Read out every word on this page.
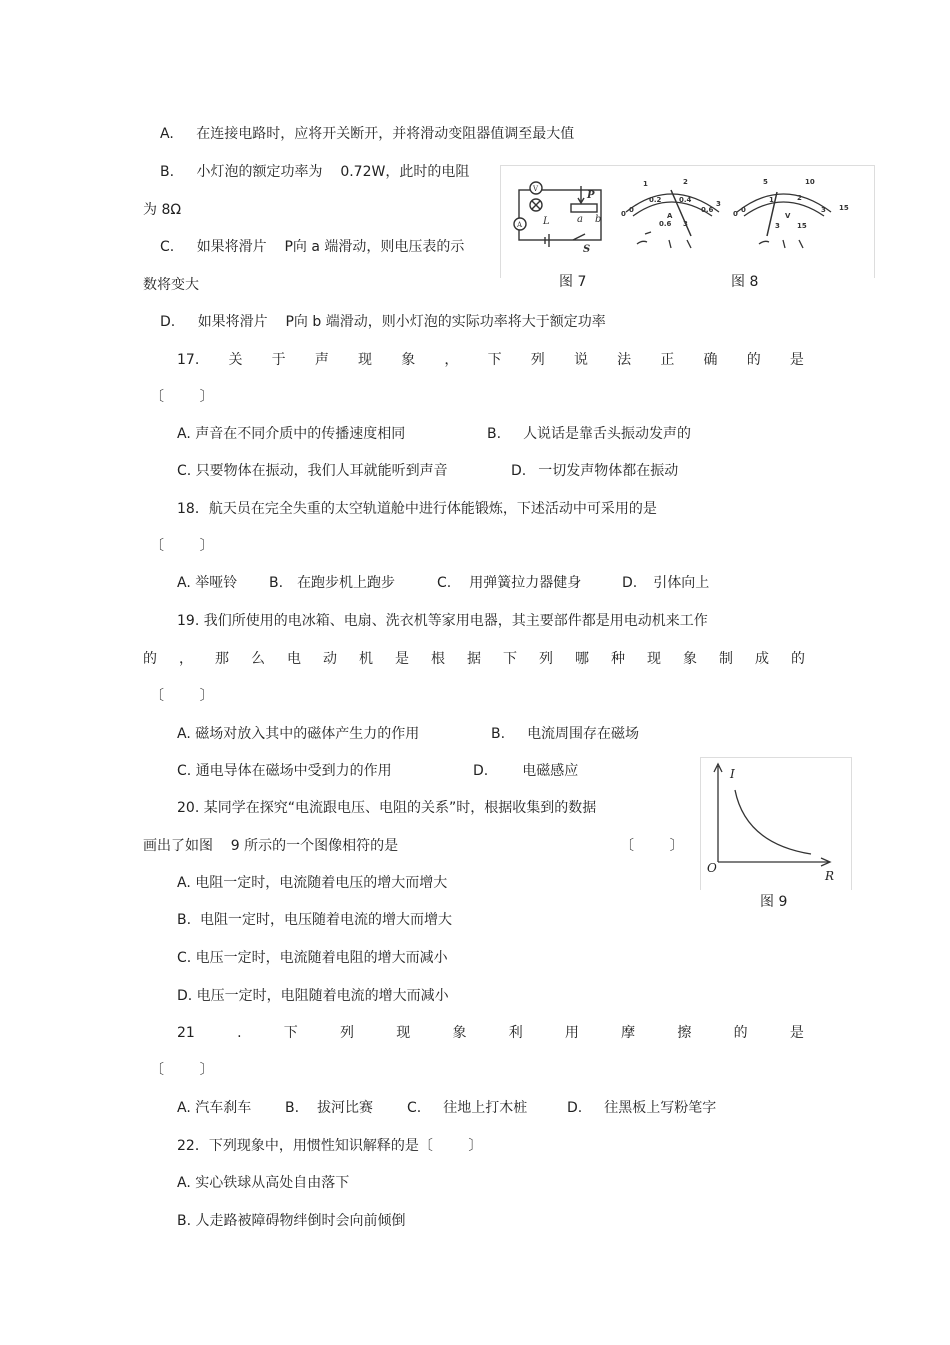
A. 在连接电路时，应将开关断开，并将滑动变阻器值调至最大值
B. 小灯泡的额定功率为    0.72W，此时的电阻
为 8Ω
C. 如果将滑片    P向 a 端滑动，则电压表的示
数将变大
D. 如果将滑片    P向 b 端滑动，则小灯泡的实际功率将大于额定功率
V
A L
P
a b
S
0
1	2
3
0
0.2	0.4
0.6
A
0.6 3
0
5	10
15
0
1	2
3
V
3 15
图 7	图 8
17. 关 于 声 现 象 ， 下 列 说 法 正 确 的 是
〔        〕
A. 声音在不同介质中的传播速度相同	B. 人说话是靠舌头振动发声的
C. 只要物体在振动，我们人耳就能听到声音	D. 一切发声物体都在振动
18．航天员在完全失重的太空轨道舱中进行体能锻炼，下述活动中可采用的是
〔        〕
A. 举哑铃 B. 在跑步机上跑步	C. 用弹簧拉力器健身	D. 引体向上
19. 我们所使用的电冰箱、电扇、洗衣机等家用电器，其主要部件都是用电动机来工作
的 ， 那 么 电 动 机 是 根 据 下 列 哪 种 现 象 制 成 的
〔        〕
A. 磁场对放入其中的磁体产生力的作用	B. 电流周围存在磁场
C. 通电导体在磁场中受到力的作用	D. 电磁感应	I
R
O
图 9
20. 某同学在探究“电流跟电压、电阻的关系”时，根据收集到的数据
画出了如图    9 所示的一个图像相符的是	〔        〕
A. 电阻一定时，电流随着电压的增大而增大
B.  电阻一定时，电压随着电流的增大而增大
C. 电压一定时，电流随着电阻的增大而减小
D. 电压一定时，电阻随着电流的增大而减小
21	.	下	列	现	象	利	用	摩	擦	的	是
〔        〕
A. 汽车刹车 B. 拔河比赛 C. 往地上打木桩	D. 往黑板上写粉笔字
22．下列现象中，用惯性知识解释的是〔        〕
A. 实心铁球从高处自由落下
B. 人走路被障碍物绊倒时会向前倾倒
